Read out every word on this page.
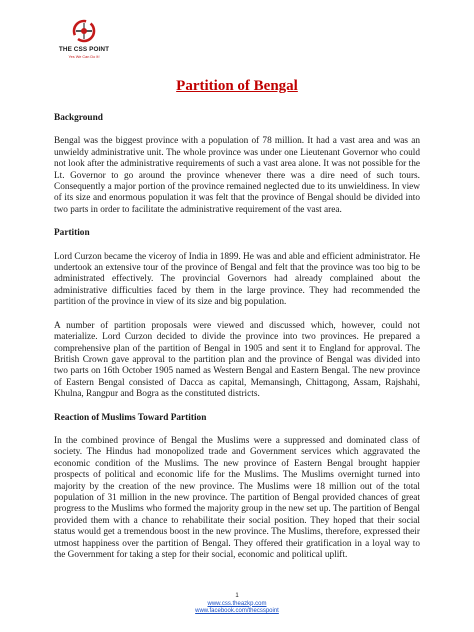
THE CSS POINT
Yes We Can Do It!
Partition of Bengal
Background

Bengal was the biggest province with a population of 78 million. It had a vast area and was an unwieldy administrative unit. The whole province was under one Lieutenant Governor who could not look after the administrative requirements of such a vast area alone. It was not possible for the Lt. Governor to go around the province whenever there was a dire need of such tours. Consequently a major portion of the province remained neglected due to its unwieldiness. In view of its size and enormous population it was felt that the province of Bengal should be divided into two parts in order to facilitate the administrative requirement of the vast area.

Partition

Lord Curzon became the viceroy of India in 1899. He was and able and efficient administrator. He undertook an extensive tour of the province of Bengal and felt that the province was too big to be administrated effectively. The provincial Governors had already complained about the administrative difficulties faced by them in the large province. They had recommended the partition of the province in view of its size and big population.

A number of partition proposals were viewed and discussed which, however, could not materialize. Lord Curzon decided to divide the province into two provinces. He prepared a comprehensive plan of the partition of Bengal in 1905 and sent it to England for approval. The British Crown gave approval to the partition plan and the province of Bengal was divided into two parts on 16th October 1905 named as Western Bengal and Eastern Bengal. The new province of Eastern Bengal consisted of Dacca as capital, Memansingh, Chittagong, Assam, Rajshahi, Khulna, Rangpur and Bogra as the constituted districts.

Reaction of Muslims Toward Partition

In the combined province of Bengal the Muslims were a suppressed and dominated class of society. The Hindus had monopolized trade and Government services which aggravated the economic condition of the Muslims. The new province of Eastern Bengal brought happier prospects of political and economic life for the Muslims. The Muslims overnight turned into majority by the creation of the new province. The Muslims were 18 million out of the total population of 31 million in the new province. The partition of Bengal provided chances of great progress to the Muslims who formed the majority group in the new set up. The partition of Bengal provided them with a chance to rehabilitate their social position. They hoped that their social status would get a tremendous boost in the new province. The Muslims, therefore, expressed their utmost happiness over the partition of Bengal. They offered their gratification in a loyal way to the Government for taking a step for their social, economic and political uplift.

1
www.css.theazkp.com
www.facebook.com/thecsspoint
